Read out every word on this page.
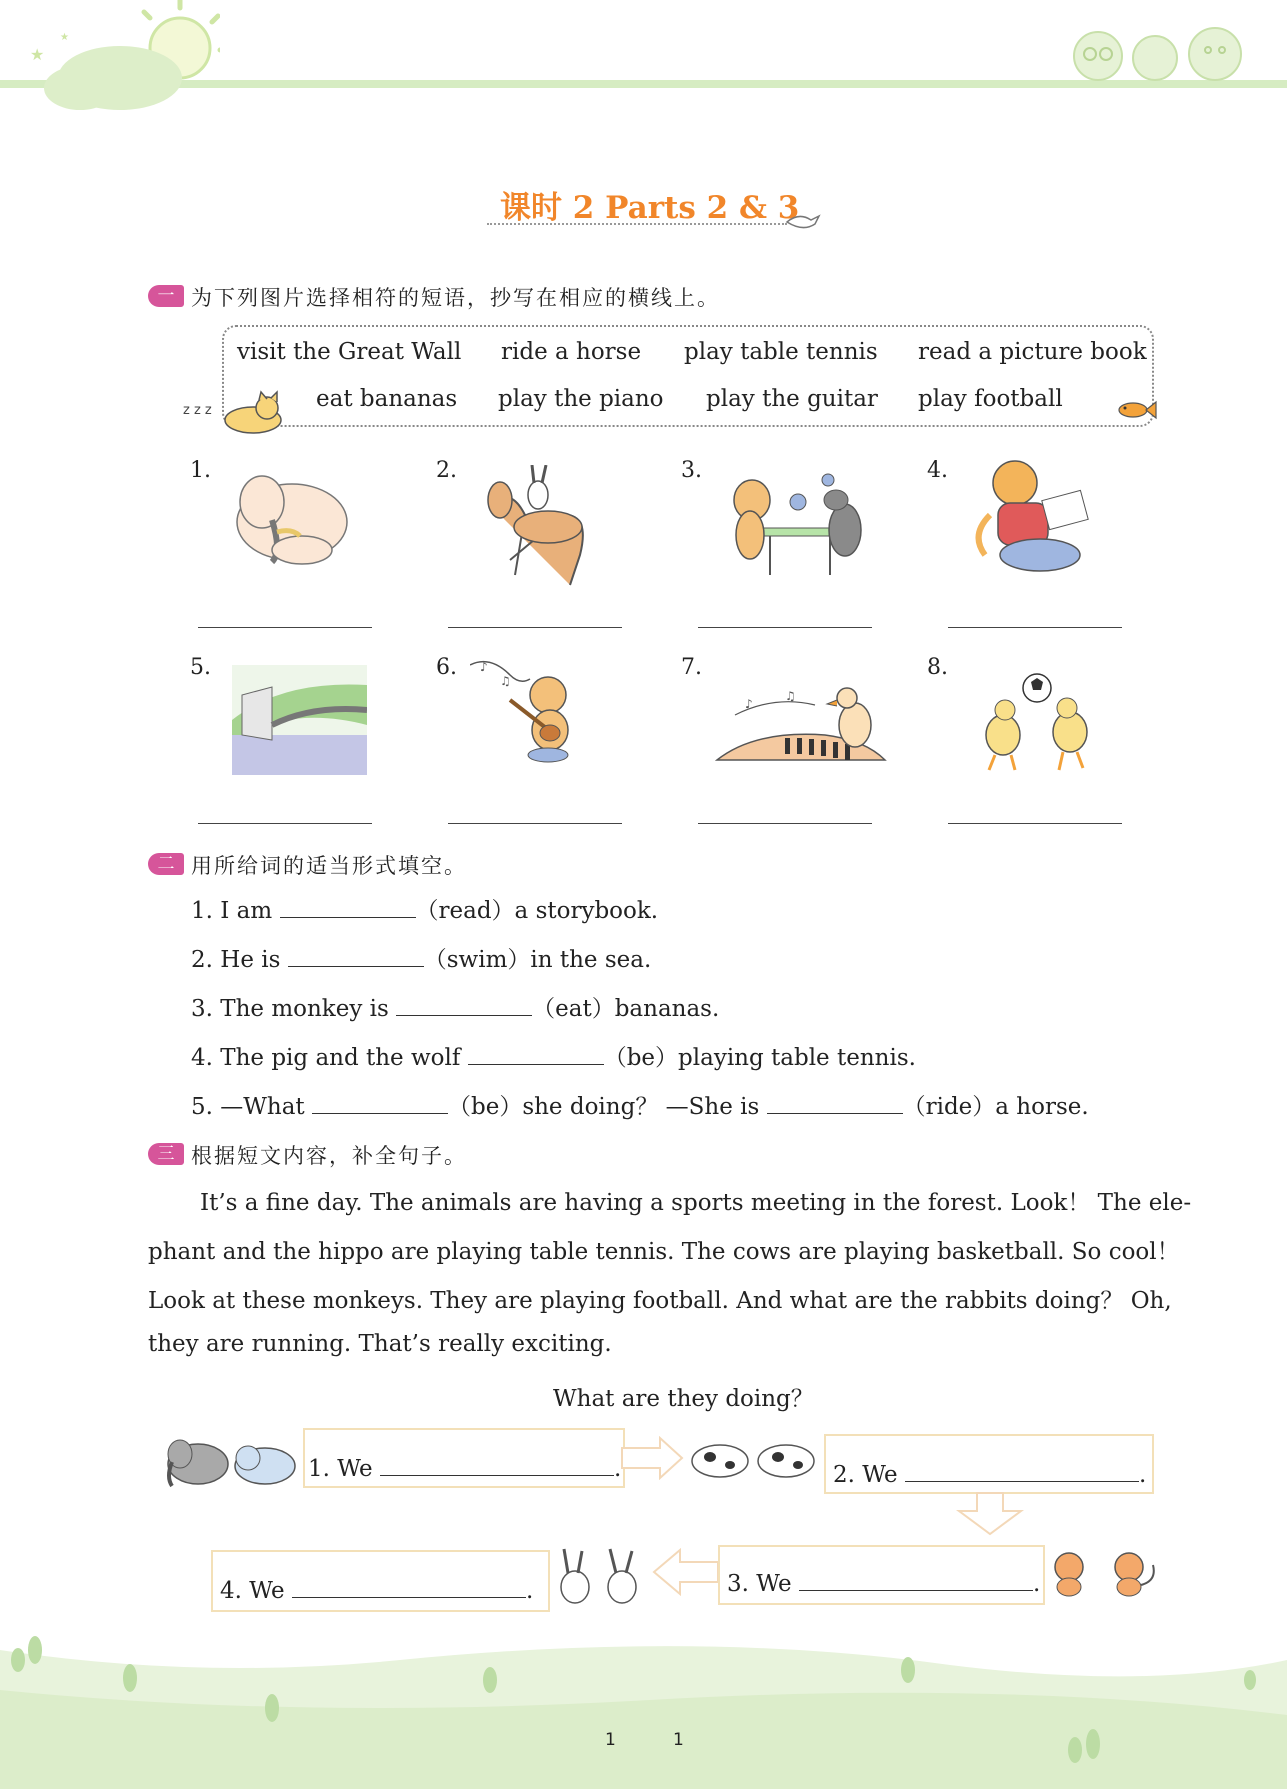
★
★
课时 2 Parts 2 & 3
一 为下列图片选择相符的短语，抄写在相应的横线上。
visit the Great Wall ride a horse play table tennis read a picture book
eat bananas play the piano play the guitar play football
z z z
1.	2.	3.	4.
5.	6.	7.	8.
♪
♫
♪
♫
二 用所给词的适当形式填空。
1. I am	（read）a storybook.
2. He is	（swim）in the sea.
3. The monkey is	（eat）bananas.
4. The pig and the wolf	（be）playing table tennis.
5. —What	（be）she doing？ —She is	（ride）a horse.
三 根据短文内容，补全句子。
It’s a fine day. The animals are having a sports meeting in the forest. Look！ The ele-
phant and the hippo are playing table tennis. The cows are playing basketball. So cool！
Look at these monkeys. They are playing football. And what are the rabbits doing？ Oh,
they are running. That’s really exciting.
What are they doing？
1. We	.	2. We	.
4. We	.	3. We	.
1	1
